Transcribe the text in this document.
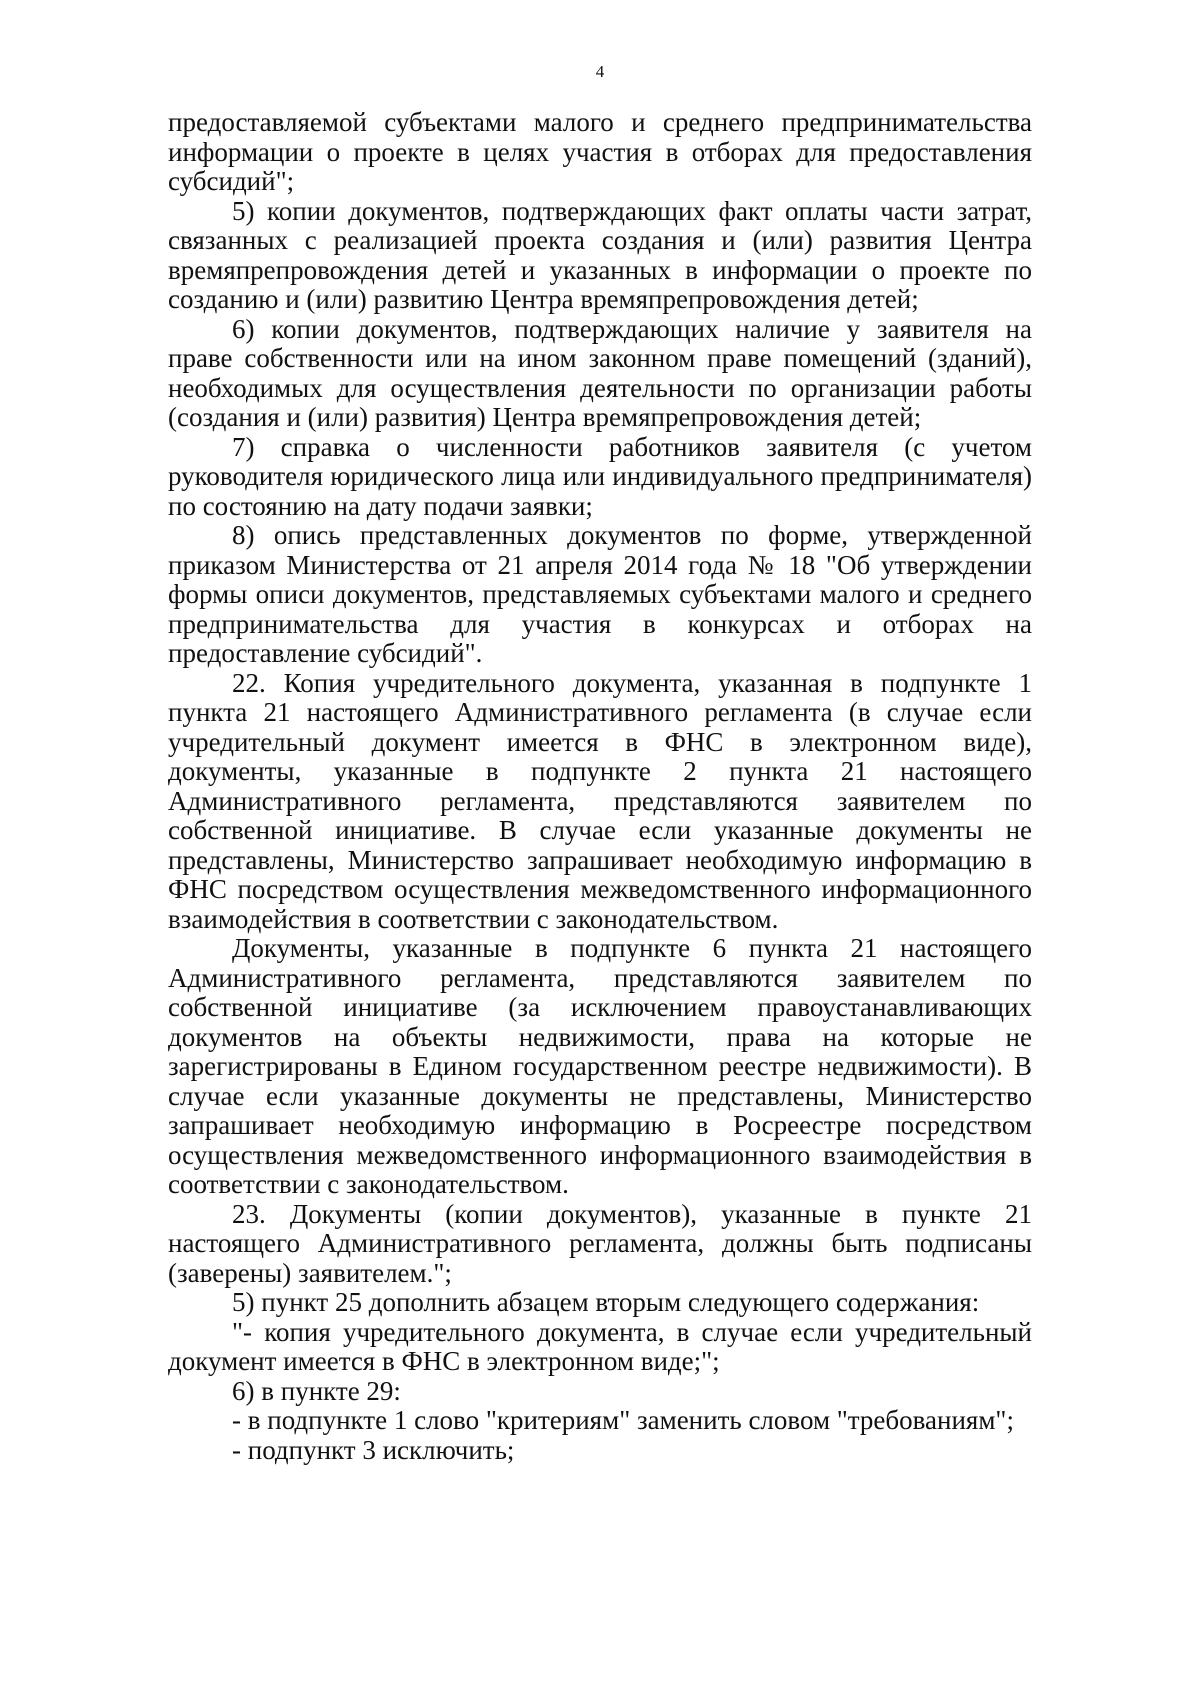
4

предоставляемой субъектами малого и среднего предпринимательства информации о проекте в целях участия в отборах для предоставления субсидий";

5) копии документов, подтверждающих факт оплаты части затрат, связанных с реализацией проекта создания и (или) развития Центра времяпрепровождения детей и указанных в информации о проекте по созданию и (или) развитию Центра времяпрепровождения детей;

6) копии документов, подтверждающих наличие у заявителя на праве собственности или на ином законном праве помещений (зданий), необходимых для осуществления деятельности по организации работы (создания и (или) развития) Центра времяпрепровождения детей;

7) справка о численности работников заявителя (с учетом руководителя юридического лица или индивидуального предпринимателя) по состоянию на дату подачи заявки;

8) опись представленных документов по форме, утвержденной приказом Министерства от 21 апреля 2014 года № 18 "Об утверждении формы описи документов, представляемых субъектами малого и среднего предпринимательства для участия в конкурсах и отборах на предоставление субсидий".

22. Копия учредительного документа, указанная в подпункте 1 пункта 21 настоящего Административного регламента (в случае если учредительный документ имеется в ФНС в электронном виде), документы, указанные в подпункте 2 пункта 21 настоящего Административного регламента, представляются заявителем по собственной инициативе. В случае если указанные документы не представлены, Министерство запрашивает необходимую информацию в ФНС посредством осуществления межведомственного информационного взаимодействия в соответствии с законодательством.

Документы, указанные в подпункте 6 пункта 21 настоящего Административного регламента, представляются заявителем по собственной инициативе (за исключением правоустанавливающих документов на объекты недвижимости, права на которые не зарегистрированы в Едином государственном реестре недвижимости). В случае если указанные документы не представлены, Министерство запрашивает необходимую информацию в Росреестре посредством осуществления межведомственного информационного взаимодействия в соответствии с законодательством.

23. Документы (копии документов), указанные в пункте 21 настоящего Административного регламента, должны быть подписаны (заверены) заявителем.";

5) пункт 25 дополнить абзацем вторым следующего содержания:

"- копия учредительного документа, в случае если учредительный документ имеется в ФНС в электронном виде;";

6) в пункте 29:

- в подпункте 1 слово "критериям" заменить словом "требованиям";

- подпункт 3 исключить;
